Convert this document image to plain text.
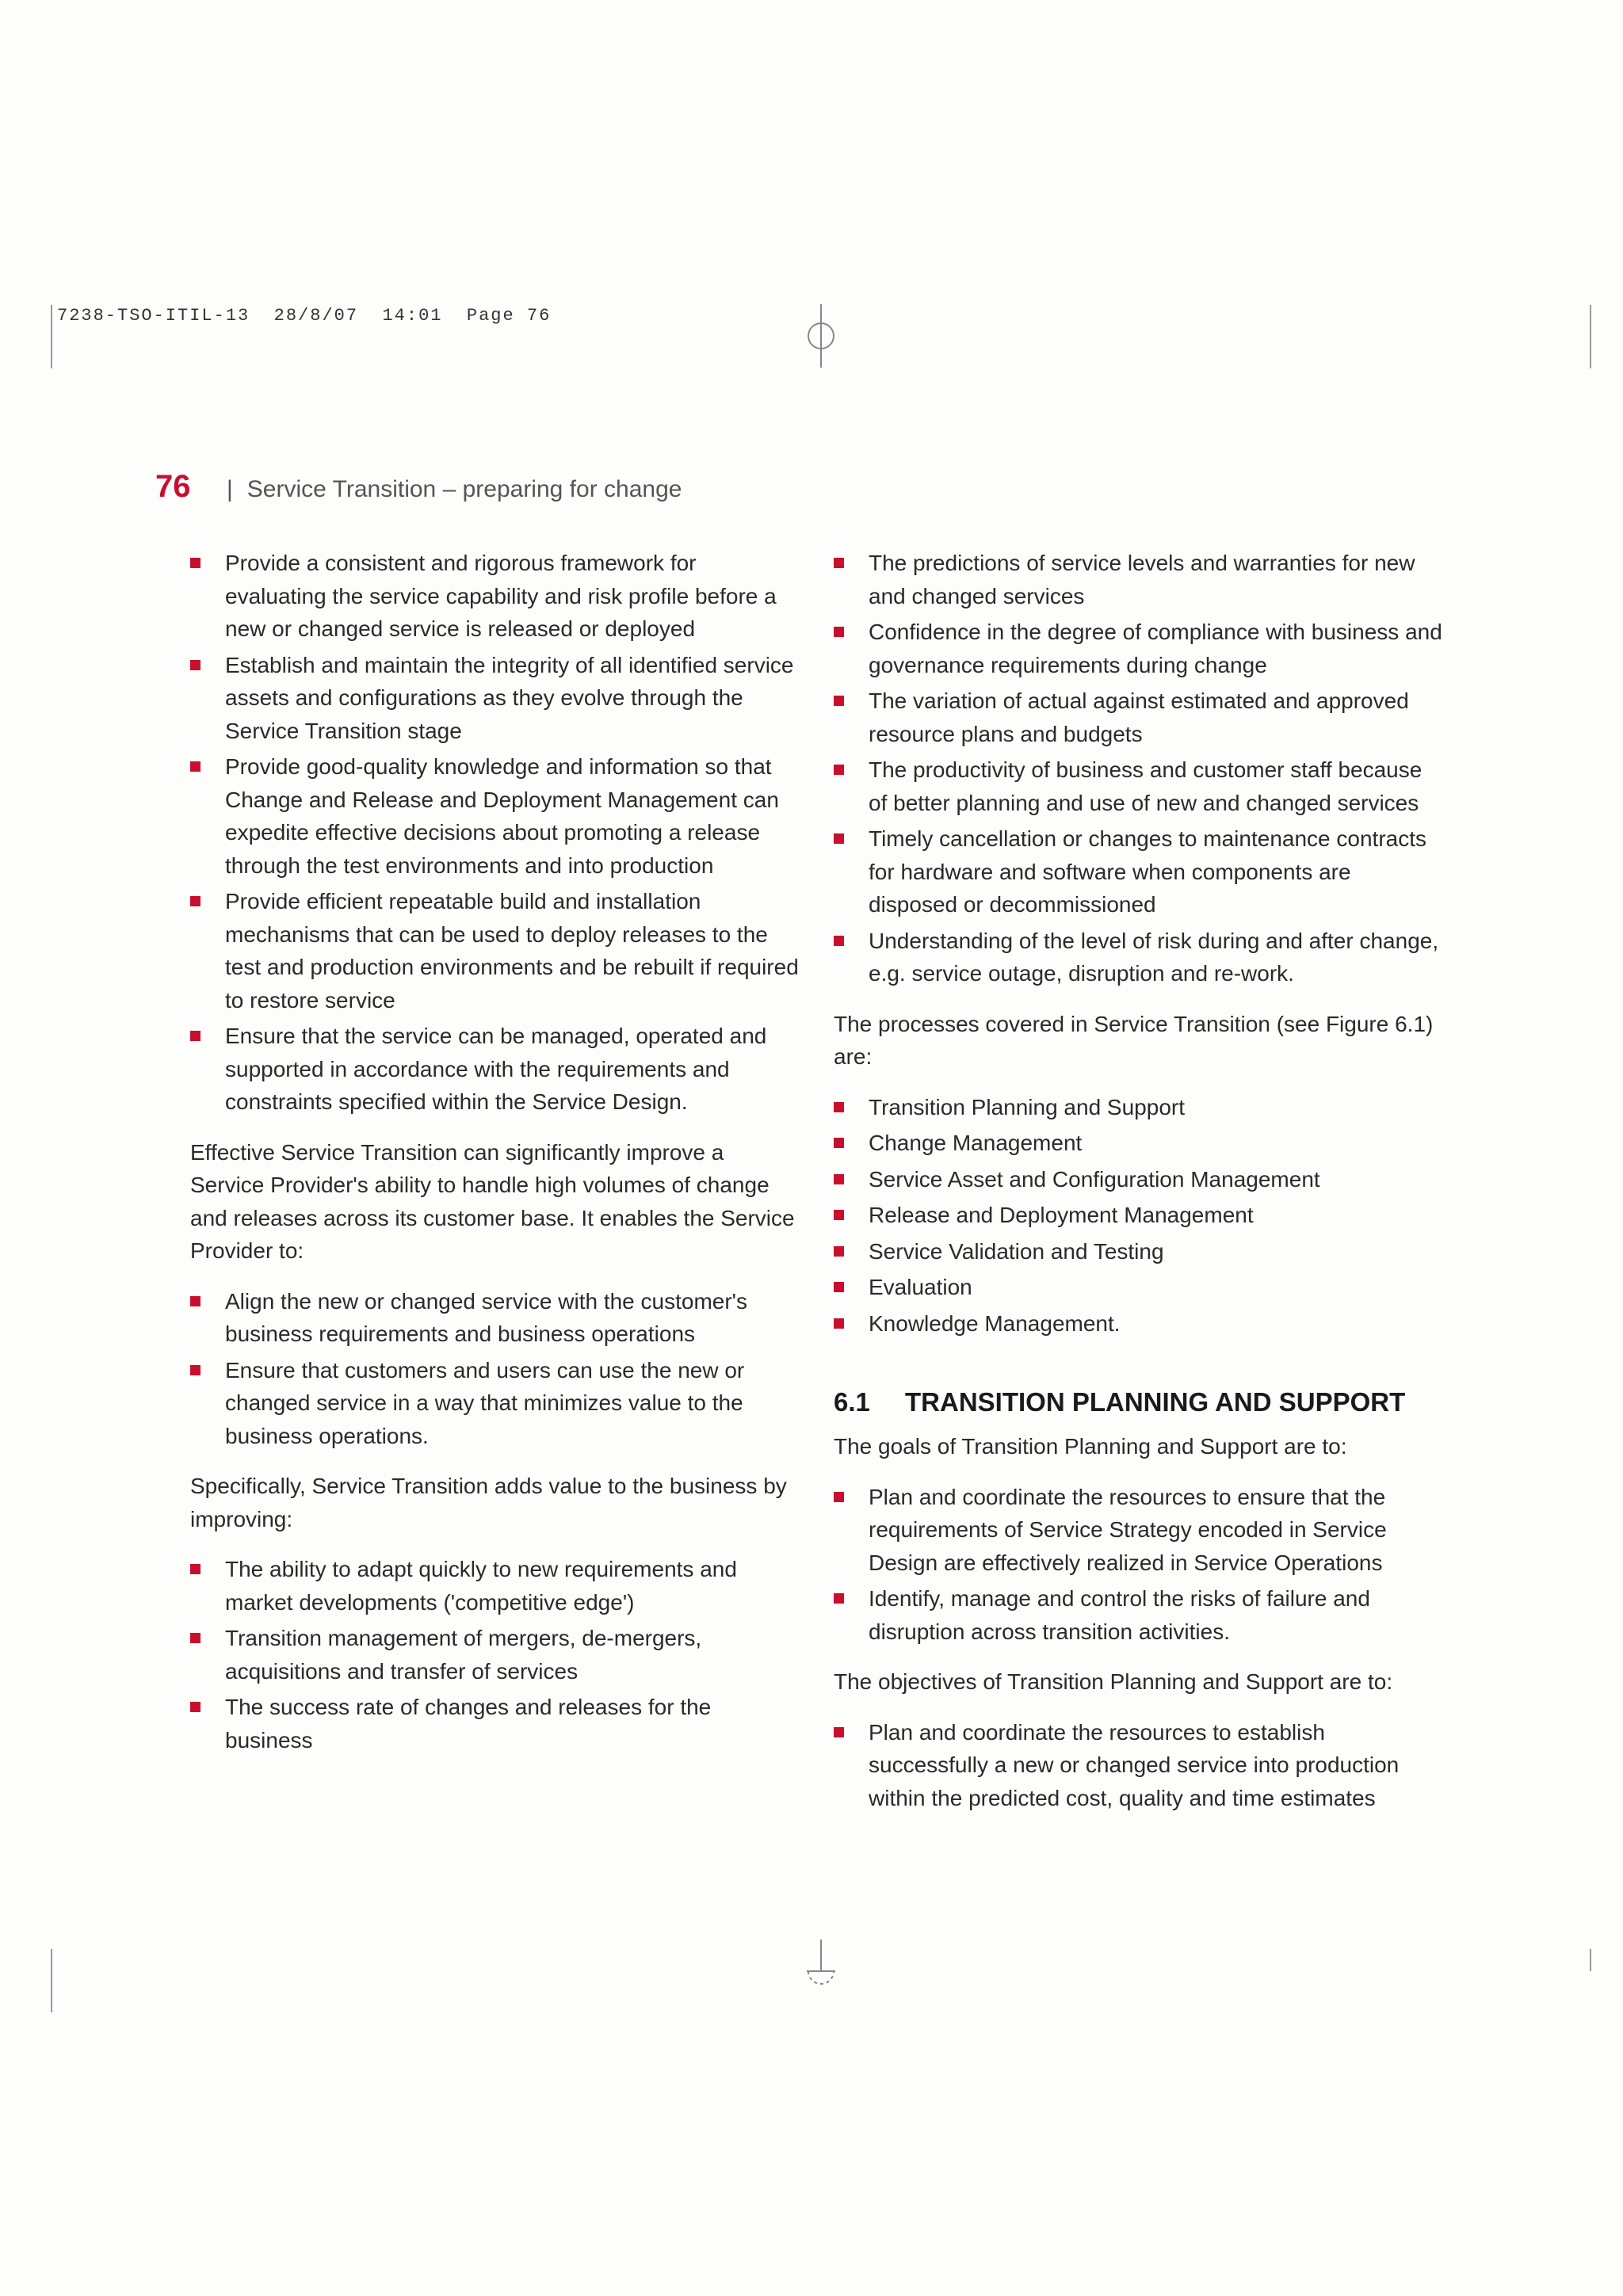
7238-TSO-ITIL-13  28/8/07  14:01  Page 76
76	| Service Transition – preparing for change
Provide a consistent and rigorous framework for evaluating the service capability and risk profile before a new or changed service is released or deployed
Establish and maintain the integrity of all identified service assets and configurations as they evolve through the Service Transition stage
Provide good-quality knowledge and information so that Change and Release and Deployment Management can expedite effective decisions about promoting a release through the test environments and into production
Provide efficient repeatable build and installation mechanisms that can be used to deploy releases to the test and production environments and be rebuilt if required to restore service
Ensure that the service can be managed, operated and supported in accordance with the requirements and constraints specified within the Service Design.

Effective Service Transition can significantly improve a Service Provider's ability to handle high volumes of change and releases across its customer base. It enables the Service Provider to:

Align the new or changed service with the customer's business requirements and business operations
Ensure that customers and users can use the new or changed service in a way that minimizes value to the business operations.

Specifically, Service Transition adds value to the business by improving:

The ability to adapt quickly to new requirements and market developments ('competitive edge')
Transition management of mergers, de-mergers, acquisitions and transfer of services
The success rate of changes and releases for the business
The predictions of service levels and warranties for new and changed services
Confidence in the degree of compliance with business and governance requirements during change
The variation of actual against estimated and approved resource plans and budgets
The productivity of business and customer staff because of better planning and use of new and changed services
Timely cancellation or changes to maintenance contracts for hardware and software when components are disposed or decommissioned
Understanding of the level of risk during and after change, e.g. service outage, disruption and re-work.

The processes covered in Service Transition (see Figure 6.1) are:

Transition Planning and Support
Change Management
Service Asset and Configuration Management
Release and Deployment Management
Service Validation and Testing
Evaluation
Knowledge Management.
6.1	TRANSITION PLANNING AND SUPPORT

The goals of Transition Planning and Support are to:

Plan and coordinate the resources to ensure that the requirements of Service Strategy encoded in Service Design are effectively realized in Service Operations
Identify, manage and control the risks of failure and disruption across transition activities.

The objectives of Transition Planning and Support are to:

Plan and coordinate the resources to establish successfully a new or changed service into production within the predicted cost, quality and time estimates
